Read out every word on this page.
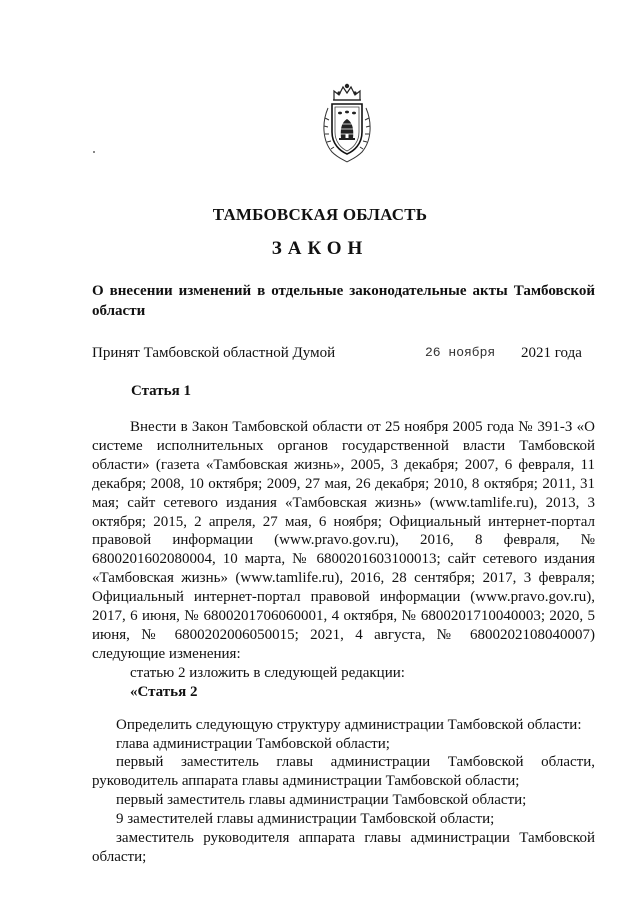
ТАМБОВСКАЯ ОБЛАСТЬ
ЗАКОН
О внесении изменений в отдельные законодательные акты Тамбовской области
Принят Тамбовской областной Думой	26 ноября 2021 года
Статья 1

Внести в Закон Тамбовской области от 25 ноября 2005 года № 391-З «О системе исполнительных органов государственной власти Тамбовской области» (газета «Тамбовская жизнь», 2005, 3 декабря; 2007, 6 февраля, 11 декабря; 2008, 10 октября; 2009, 27 мая, 26 декабря; 2010, 8 октября; 2011, 31 мая; сайт сетевого издания «Тамбовская жизнь» (www.tamlife.ru), 2013, 3 октября; 2015, 2 апреля, 27 мая, 6 ноября; Официальный интернет-портал правовой информации (www.pravo.gov.ru), 2016, 8 февраля, № 6800201602080004, 10 марта, № 6800201603100013; сайт сетевого издания «Тамбовская жизнь» (www.tamlife.ru), 2016, 28 сентября; 2017, 3 февраля; Официальный интернет-портал правовой информации (www.pravo.gov.ru), 2017, 6 июня, № 6800201706060001, 4 октября, № 6800201710040003; 2020, 5 июня, № 6800202006050015; 2021, 4 августа, № 6800202108040007) следующие изменения:

статью 2 изложить в следующей редакции:

«Статья 2

Определить следующую структуру администрации Тамбовской области:

глава администрации Тамбовской области;

первый заместитель главы администрации Тамбовской области, руководитель аппарата главы администрации Тамбовской области;

первый заместитель главы администрации Тамбовской области;

9 заместителей главы администрации Тамбовской области;

заместитель руководителя аппарата главы администрации Тамбовской области;
